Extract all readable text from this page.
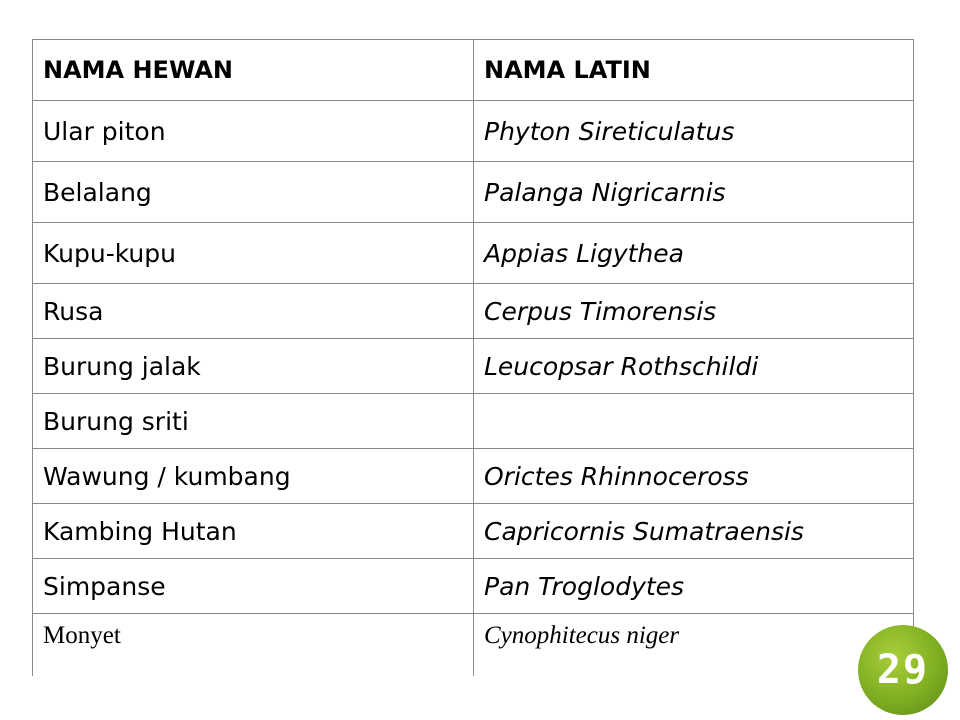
NAMA HEWAN	NAMA LATIN
Ular piton	Phyton Sireticulatus
Belalang	Palanga Nigricarnis
Kupu-kupu	Appias Ligythea
Rusa	Cerpus Timorensis
Burung jalak	Leucopsar Rothschildi
Burung sriti	
Wawung / kumbang	Orictes Rhinnoceross
Kambing Hutan	Capricornis Sumatraensis
Simpanse	Pan Troglodytes
Monyet	Cynophitecus niger
29
